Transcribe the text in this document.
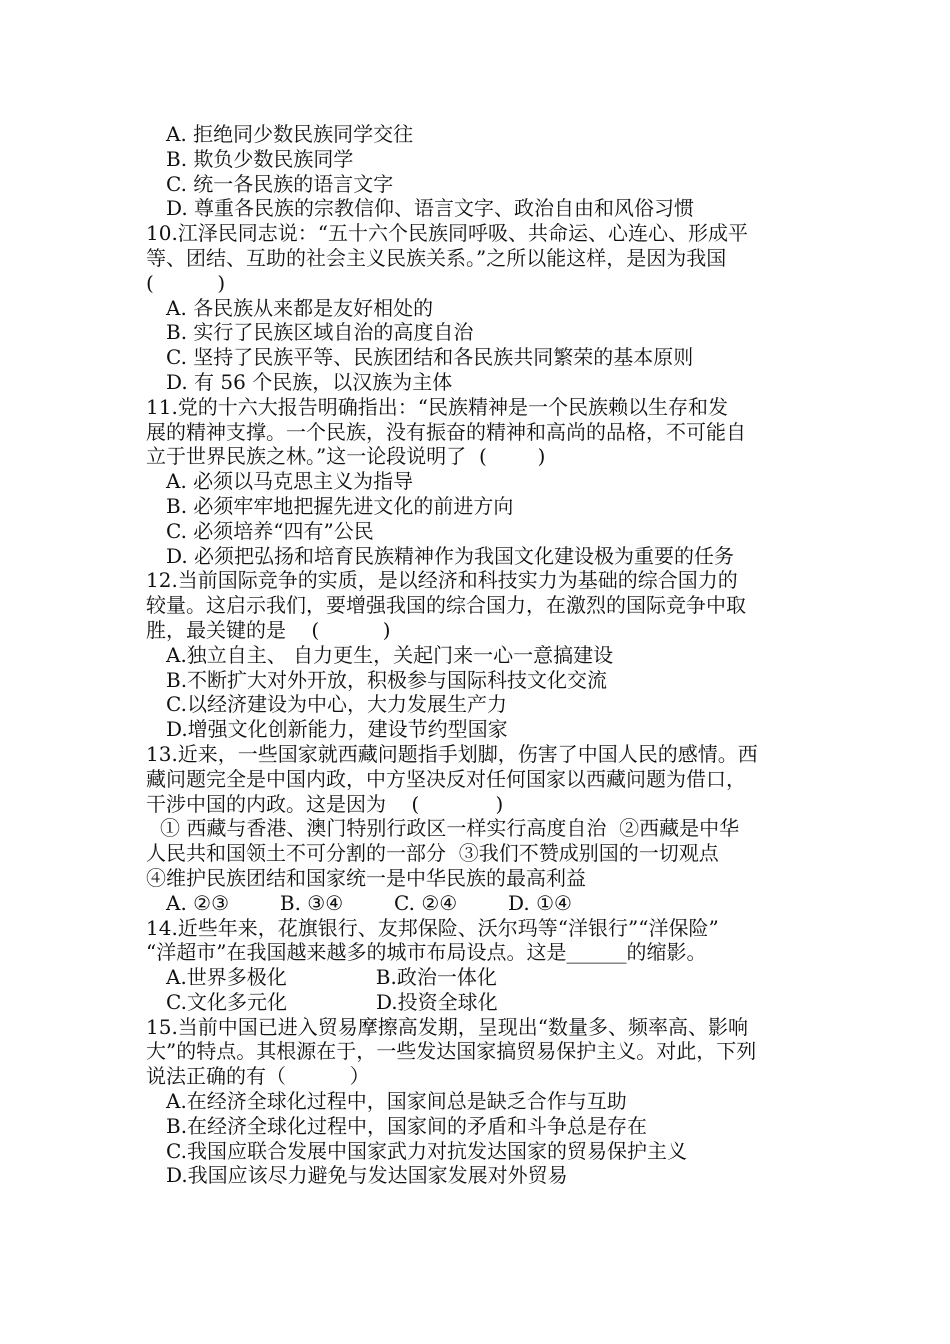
A. 拒绝同少数民族同学交往
B. 欺负少数民族同学
C. 统一各民族的语言文字
D. 尊重各民族的宗教信仰、语言文字、政治自由和风俗习惯
10.江泽民同志说：“五十六个民族同呼吸、共命运、心连心、形成平
等、团结、互助的社会主义民族关系。”之所以能这样，是因为我国
(          )
A. 各民族从来都是友好相处的
B. 实行了民族区域自治的高度自治
C. 坚持了民族平等、民族团结和各民族共同繁荣的基本原则
D. 有 56 个民族，以汉族为主体
11.党的十六大报告明确指出：“民族精神是一个民族赖以生存和发
展的精神支撑。一个民族，没有振奋的精神和高尚的品格，不可能自
立于世界民族之林。”这一论段说明了  (        )
A. 必须以马克思主义为指导
B. 必须牢牢地把握先进文化的前进方向
C. 必须培养“四有”公民
D. 必须把弘扬和培育民族精神作为我国文化建设极为重要的任务
12.当前国际竞争的实质，是以经济和科技实力为基础的综合国力的
较量。这启示我们，要增强我国的综合国力，在激烈的国际竞争中取
胜，最关键的是    (          )
A.独立自主、 自力更生，关起门来一心一意搞建设
B.不断扩大对外开放，积极参与国际科技文化交流
C.以经济建设为中心，大力发展生产力
D.增强文化创新能力，建设节约型国家
13.近来，一些国家就西藏问题指手划脚，伤害了中国人民的感情。西
藏问题完全是中国内政，中方坚决反对任何国家以西藏问题为借口，
干涉中国的内政。这是因为    (            )
① 西藏与香港、澳门特别行政区一样实行高度自治  ②西藏是中华
人民共和国领土不可分割的一部分  ③我们不赞成别国的一切观点
④维护民族团结和国家统一是中华民族的最高利益
A. ②③        B. ③④        C. ②④        D. ①④
14.近些年来，花旗银行、友邦保险、沃尔玛等“洋银行”“洋保险”
“洋超市”在我国越来越多的城市布局设点。这是______的缩影。
A.世界多极化              B.政治一体化
C.文化多元化              D.投资全球化
15.当前中国已进入贸易摩擦高发期，呈现出“数量多、频率高、影响
大”的特点。其根源在于，一些发达国家搞贸易保护主义。对此，下列
说法正确的有（          ）
A.在经济全球化过程中，国家间总是缺乏合作与互助
B.在经济全球化过程中，国家间的矛盾和斗争总是存在
C.我国应联合发展中国家武力对抗发达国家的贸易保护主义
D.我国应该尽力避免与发达国家发展对外贸易
